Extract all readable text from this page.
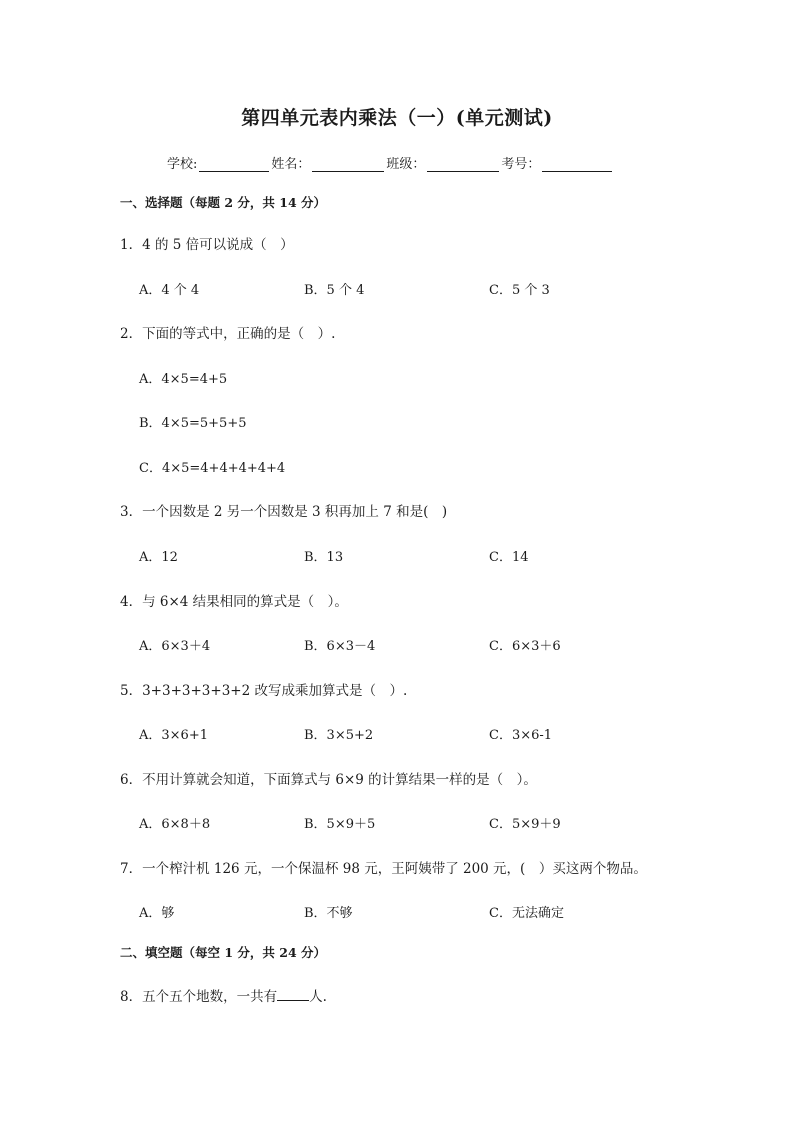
第四单元表内乘法（一）(单元测试)
学校:	姓名：	班级：	考号：
一、选择题（每题 2 分，共 14 分）
1．4 的 5 倍可以说成（　）
A．4 个 4	B．5 个 4	C．5 个 3
2．下面的等式中，正确的是（　）.
A．4×5=4+5
B．4×5=5+5+5
C．4×5=4+4+4+4+4
3．一个因数是 2 另一个因数是 3 积再加上 7 和是(　)
A．12	B．13	C．14
4．与 6×4 结果相同的算式是（　）。
A．6×3＋4	B．6×3－4	C．6×3＋6
5．3+3+3+3+3+2 改写成乘加算式是（　）.
A．3×6+1	B．3×5+2	C．3×6-1
6．不用计算就会知道，下面算式与 6×9 的计算结果一样的是（　）。
A．6×8＋8	B．5×9＋5	C．5×9＋9
7．一个榨汁机 126 元，一个保温杯 98 元，王阿姨带了 200 元，(　）买这两个物品。
A．够	B．不够	C．无法确定
二、填空题（每空 1 分，共 24 分）
8．五个五个地数，一共有 人.
